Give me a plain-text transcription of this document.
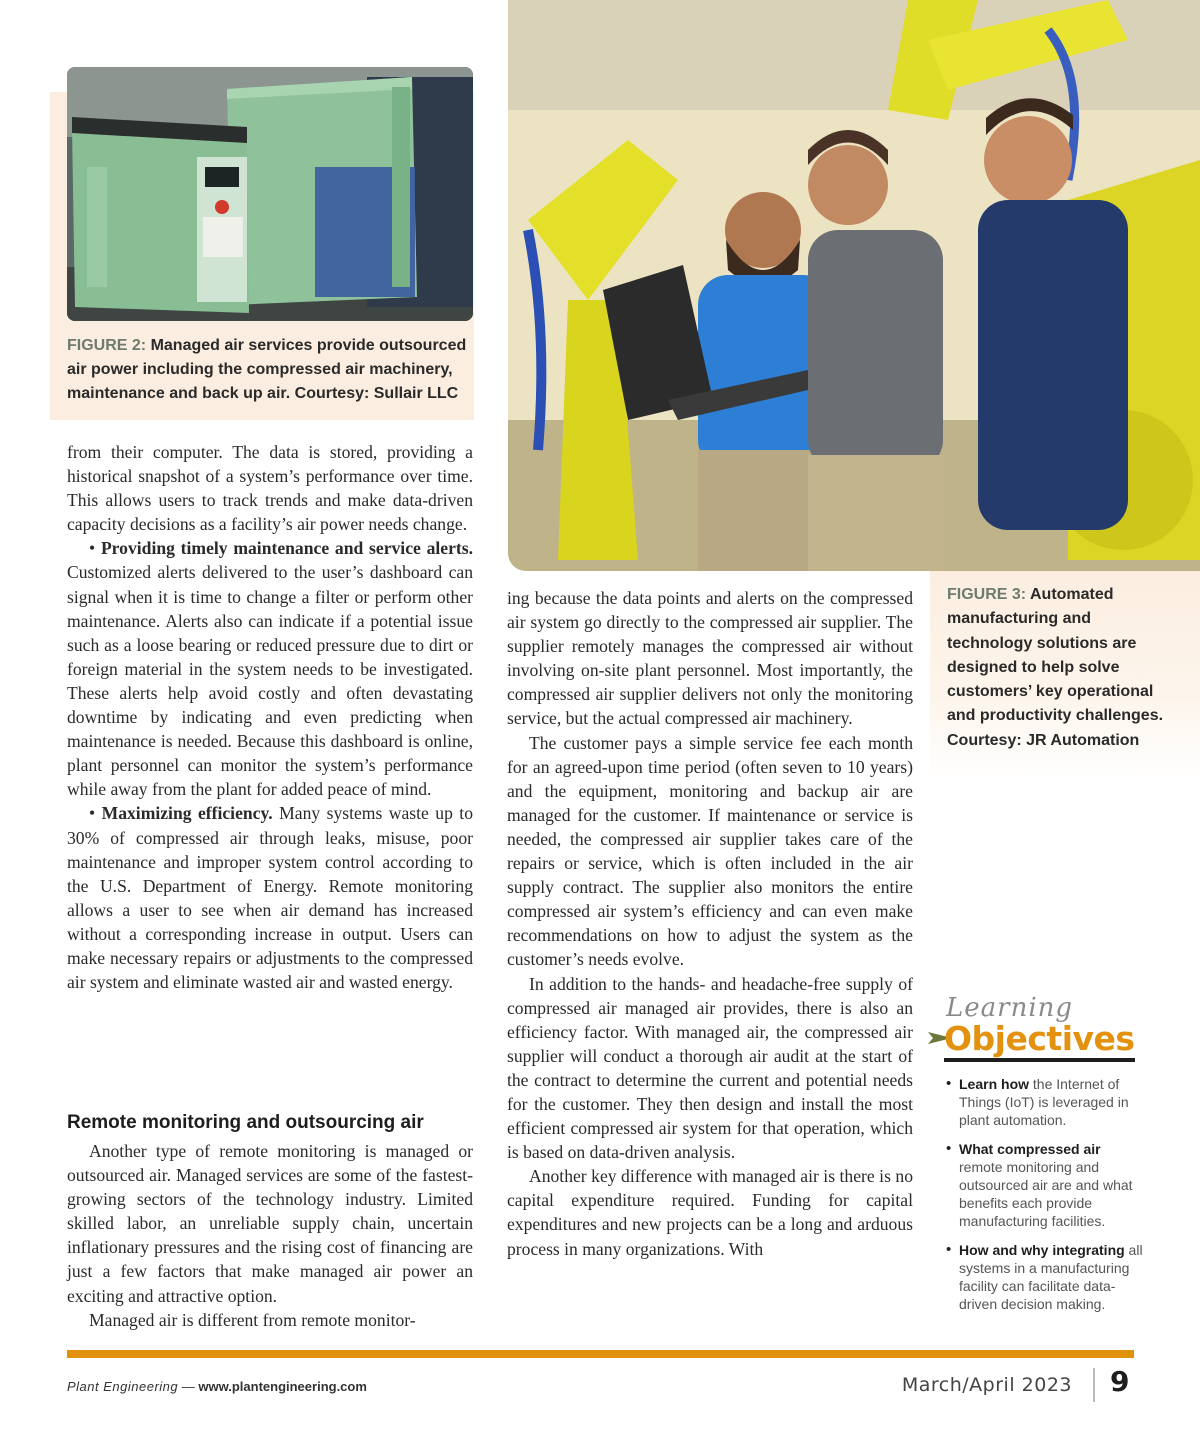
FIGURE 2: Managed air services provide outsourced air power including the compressed air machinery, maintenance and back up air. Courtesy: Sullair LLC
FIGURE 3: Automated manufacturing and technology solutions are designed to help solve customers’ key operational and productivity challenges. Courtesy: JR Automation

from their computer. The data is stored, providing a historical snapshot of a system’s performance over time. This allows users to track trends and make data-driven capacity decisions as a facility’s air power needs change.

• Providing timely maintenance and service alerts. Customized alerts delivered to the user’s dashboard can signal when it is time to change a filter or perform other maintenance. Alerts also can indicate if a potential issue such as a loose bearing or reduced pressure due to dirt or foreign material in the system needs to be investigated. These alerts help avoid costly and often devastating downtime by indicating and even predicting when maintenance is needed. Because this dashboard is online, plant personnel can monitor the system’s performance while away from the plant for added peace of mind.

• Maximizing efficiency. Many systems waste up to 30% of compressed air through leaks, misuse, poor maintenance and improper system control according to the U.S. Department of Energy. Remote monitoring allows a user to see when air demand has increased without a corresponding increase in output. Users can make necessary repairs or adjustments to the compressed air system and eliminate wasted air and wasted energy.

Remote monitoring and outsourcing air

Another type of remote monitoring is managed or outsourced air. Managed services are some of the fastest-growing sectors of the technology industry. Limited skilled labor, an unreliable supply chain, uncertain inflationary pressures and the rising cost of financing are just a few factors that make managed air power an exciting and attractive option.

Managed air is different from remote monitor-

ing because the data points and alerts on the compressed air system go directly to the compressed air supplier. The supplier remotely manages the compressed air without involving on-site plant personnel. Most importantly, the compressed air supplier delivers not only the monitoring service, but the actual compressed air machinery.

The customer pays a simple service fee each month for an agreed-upon time period (often seven to 10 years) and the equipment, monitoring and backup air are managed for the customer. If maintenance or service is needed, the compressed air supplier takes care of the repairs or service, which is often included in the air supply contract. The supplier also monitors the entire compressed air system’s efficiency and can even make recommendations on how to adjust the system as the customer’s needs evolve.

In addition to the hands- and headache-free supply of compressed air managed air provides, there is also an efficiency factor. With managed air, the compressed air supplier will conduct a thorough air audit at the start of the contract to determine the current and potential needs for the customer. They then design and install the most efficient compressed air system for that operation, which is based on data-driven analysis.

Another key difference with managed air is there is no capital expenditure required. Funding for capital expenditures and new projects can be a long and arduous process in many organizations. With

Learning
Objectives
• Learn how the Internet of Things (IoT) is leveraged in plant automation.
• What compressed air remote monitoring and outsourced air are and what benefits each provide manufacturing facilities.
• How and why integrating all systems in a manufacturing facility can facilitate data-driven decision making.
Plant Engineering — www.plantengineering.com	March/April 2023 9
